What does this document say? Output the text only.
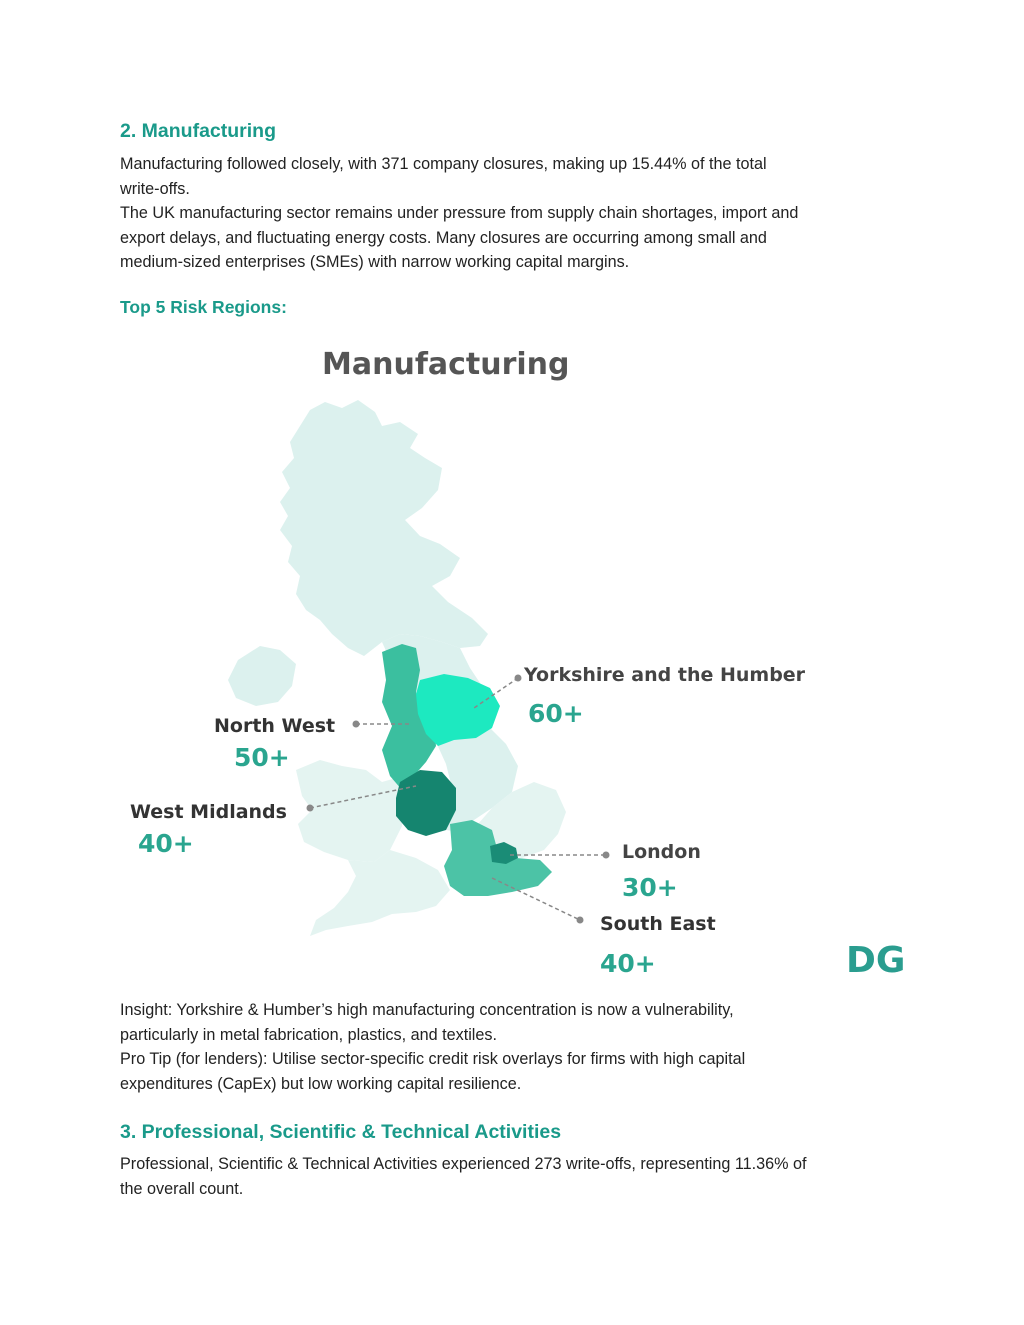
2. Manufacturing

Manufacturing followed closely, with 371 company closures, making up 15.44% of the total

write-offs.

The UK manufacturing sector remains under pressure from supply chain shortages, import and

export delays, and fluctuating energy costs. Many closures are occurring among small and

medium-sized enterprises (SMEs) with narrow working capital margins.

Top 5 Risk Regions:
Manufacturing
Yorkshire and the Humber
60+
North West
50+
West Midlands
40+	London
30+
South East
40+	DG

Insight: Yorkshire & Humber’s high manufacturing concentration is now a vulnerability,

particularly in metal fabrication, plastics, and textiles.

Pro Tip (for lenders): Utilise sector-specific credit risk overlays for firms with high capital

expenditures (CapEx) but low working capital resilience.

3. Professional, Scientific & Technical Activities

Professional, Scientific & Technical Activities experienced 273 write-offs, representing 11.36% of

the overall count.
